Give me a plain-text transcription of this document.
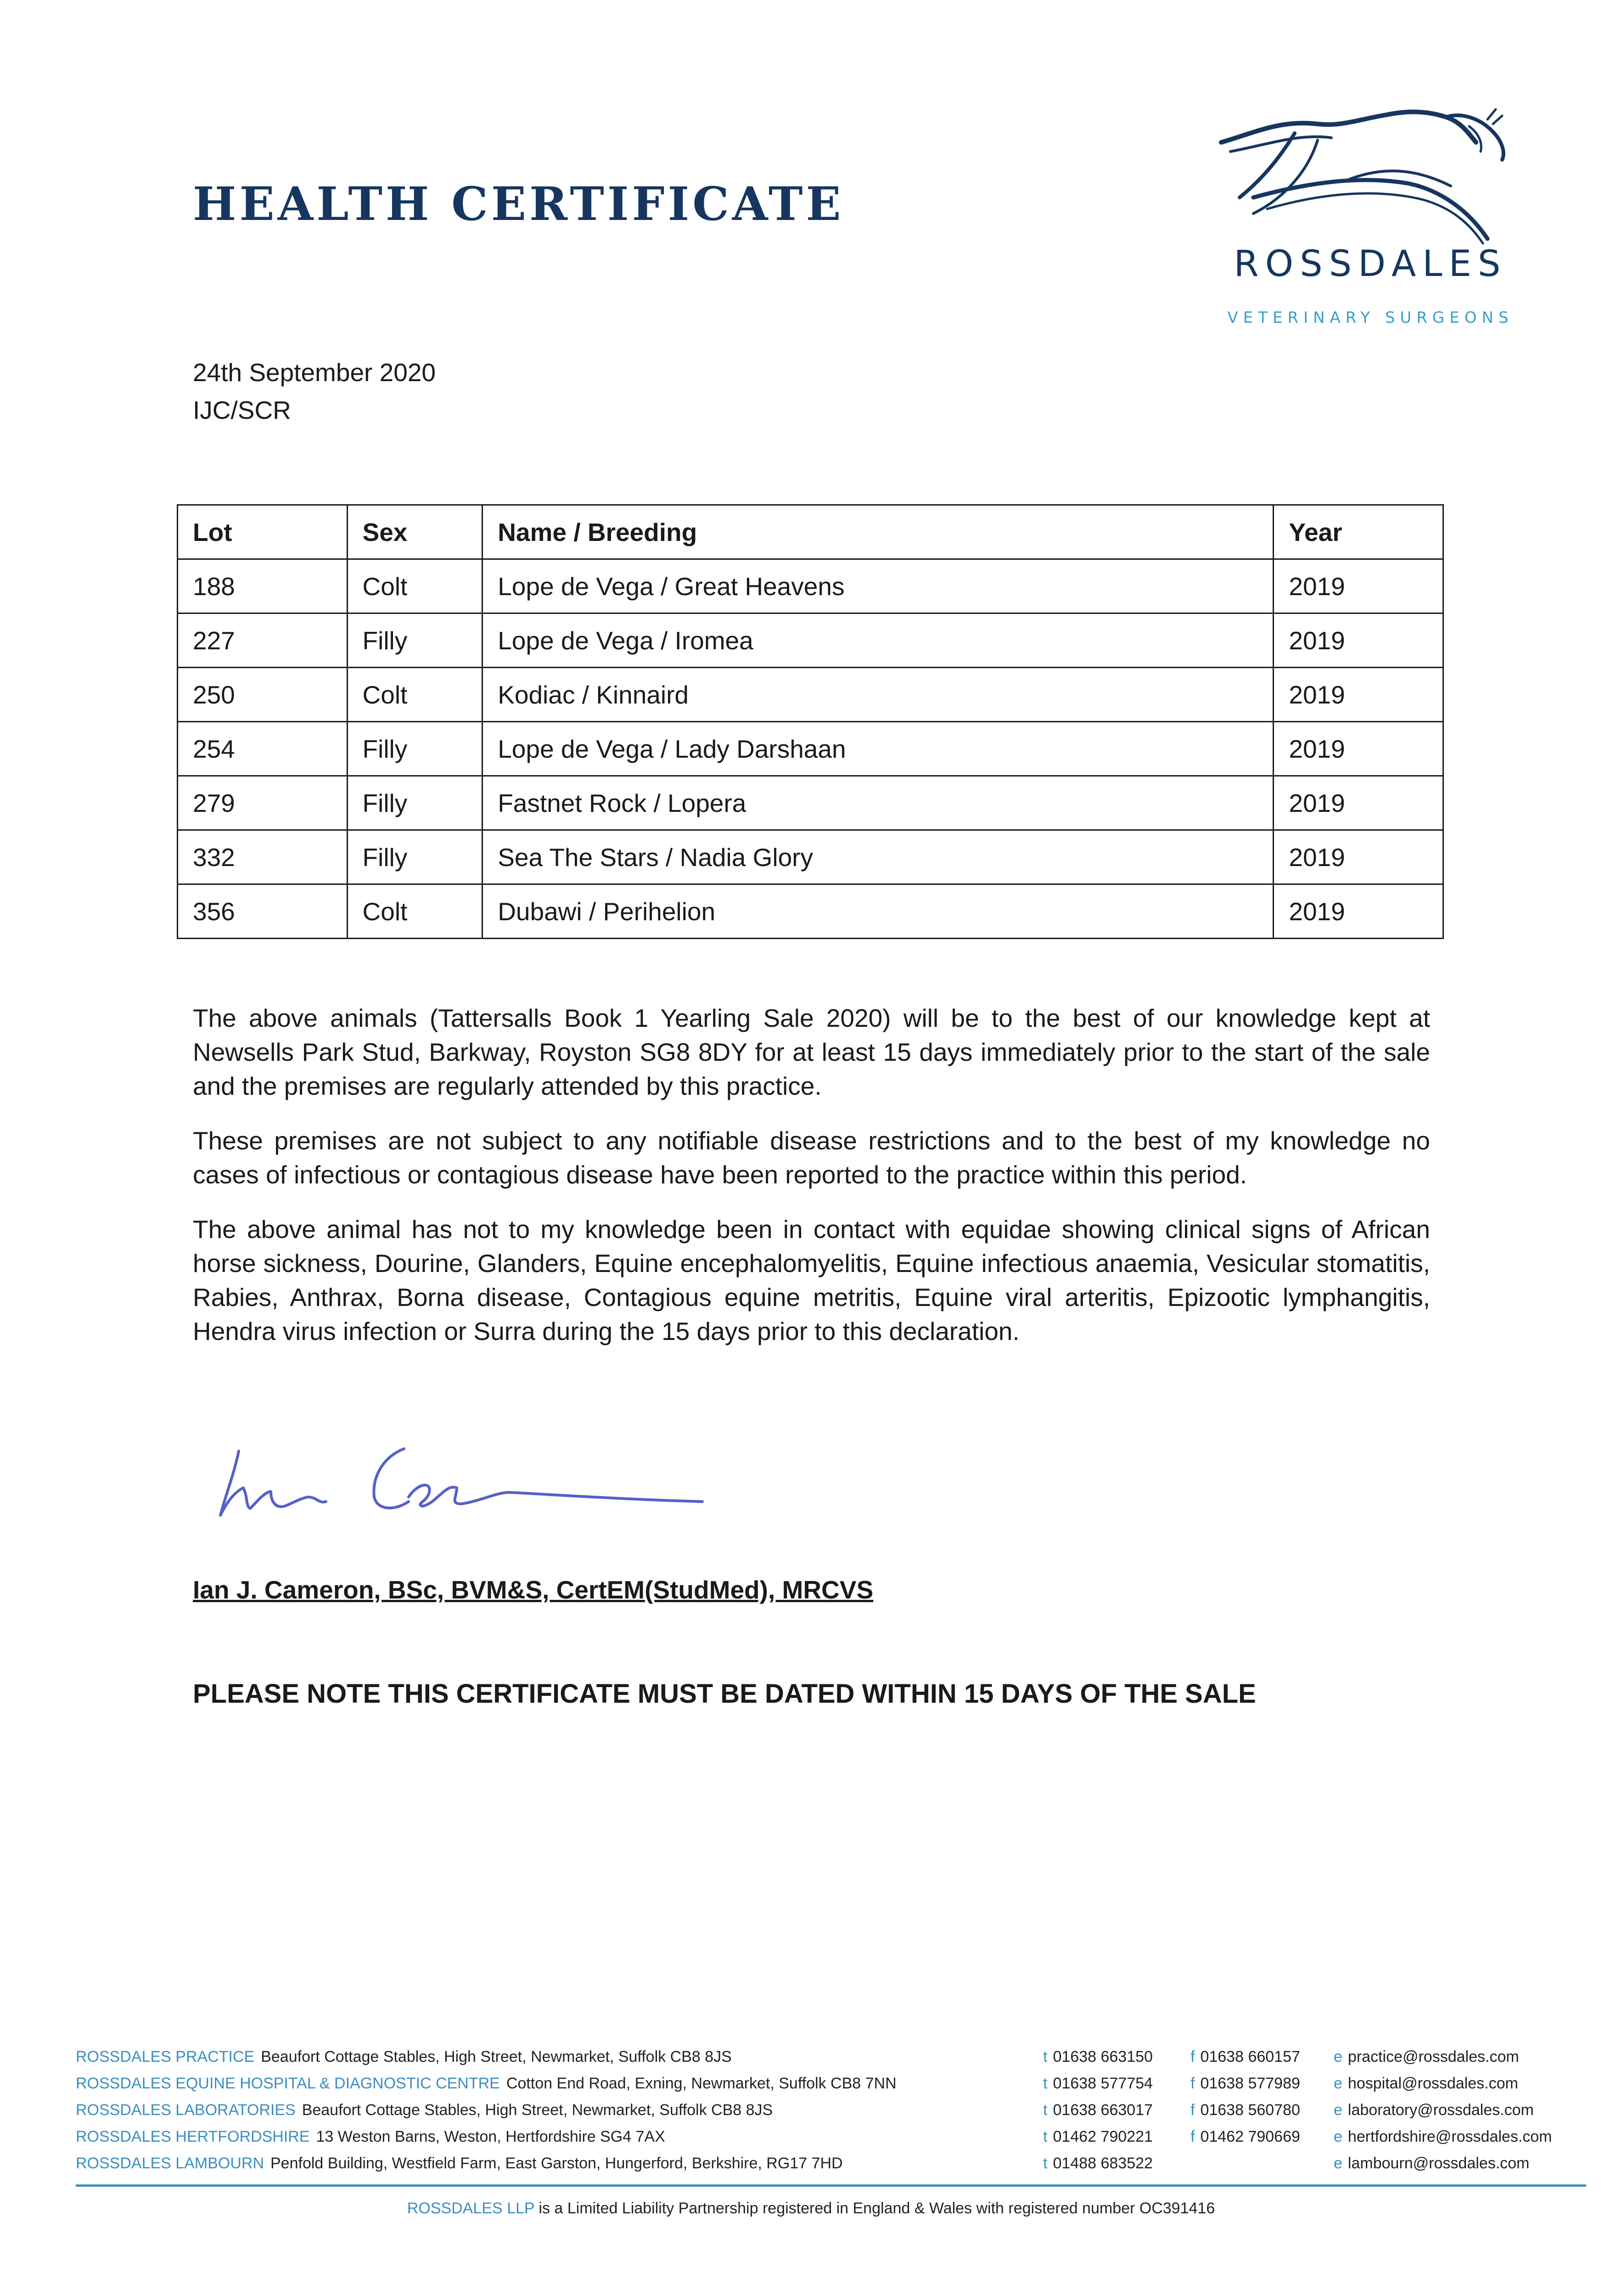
HEALTH CERTIFICATE
ROSSDALES
VETERINARY SURGEONS
24th September 2020
IJC/SCR
Lot	Sex	Name / Breeding	Year
188	Colt	Lope de Vega / Great Heavens	2019
227	Filly	Lope de Vega / Iromea	2019
250	Colt	Kodiac / Kinnaird	2019
254	Filly	Lope de Vega / Lady Darshaan	2019
279	Filly	Fastnet Rock / Lopera	2019
332	Filly	Sea The Stars / Nadia Glory	2019
356	Colt	Dubawi / Perihelion	2019

The above animals (Tattersalls Book 1 Yearling Sale 2020) will be to the best of our knowledge kept at Newsells Park Stud, Barkway, Royston SG8 8DY for at least 15 days immediately prior to the start of the sale and the premises are regularly attended by this practice.

These premises are not subject to any notifiable disease restrictions and to the best of my knowledge no cases of infectious or contagious disease have been reported to the practice within this period.

The above animal has not to my knowledge been in contact with equidae showing clinical signs of African horse sickness, Dourine, Glanders, Equine encephalomyelitis, Equine infectious anaemia, Vesicular stomatitis, Rabies, Anthrax, Borna disease, Contagious equine metritis, Equine viral arteritis, Epizootic lymphangitis, Hendra virus infection or Surra during the 15 days prior to this declaration.

Ian J. Cameron, BSc, BVM&S, CertEM(StudMed), MRCVS
PLEASE NOTE THIS CERTIFICATE MUST BE DATED WITHIN 15 DAYS OF THE SALE
ROSSDALES PRACTICE Beaufort Cottage Stables, High Street, Newmarket, Suffolk CB8 8JS	t 01638 663150 f 01638 660157 e practice@rossdales.com
ROSSDALES EQUINE HOSPITAL & DIAGNOSTIC CENTRE Cotton End Road, Exning, Newmarket, Suffolk CB8 7NN	t 01638 577754 f 01638 577989 e hospital@rossdales.com
ROSSDALES LABORATORIES Beaufort Cottage Stables, High Street, Newmarket, Suffolk CB8 8JS	t 01638 663017 f 01638 560780 e laboratory@rossdales.com
ROSSDALES HERTFORDSHIRE 13 Weston Barns, Weston, Hertfordshire SG4 7AX	t 01462 790221 f 01462 790669 e hertfordshire@rossdales.com
ROSSDALES LAMBOURN Penfold Building, Westfield Farm, East Garston, Hungerford, Berkshire, RG17 7HD	t 01488 683522	e lambourn@rossdales.com
ROSSDALES LLP is a Limited Liability Partnership registered in England & Wales with registered number OC391416
